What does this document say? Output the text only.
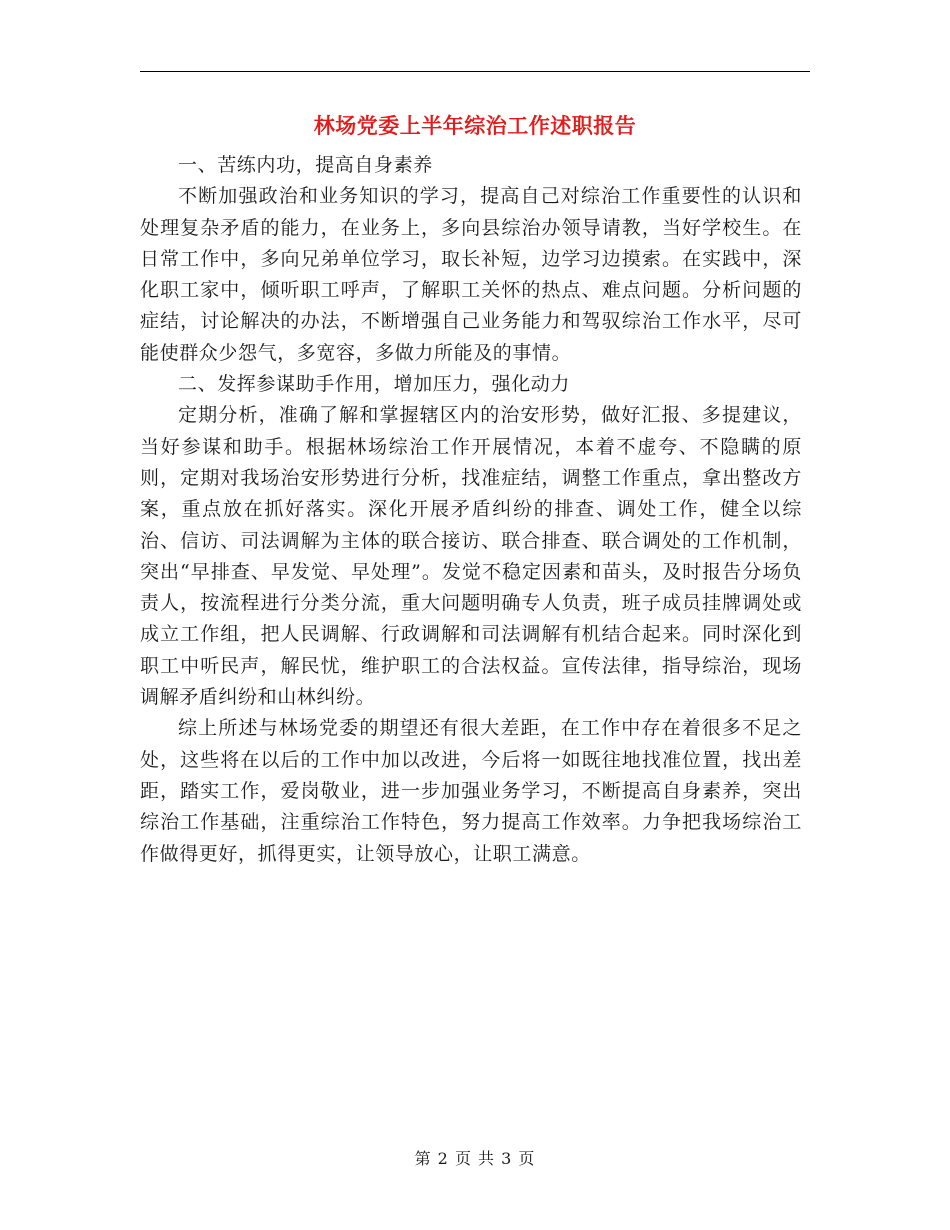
林场党委上半年综治工作述职报告

一、苦练内功，提高自身素养

不断加强政治和业务知识的学习，提高自己对综治工作重要性的认识和处理复杂矛盾的能力，在业务上，多向县综治办领导请教，当好学校生。在日常工作中，多向兄弟单位学习，取长补短，边学习边摸索。在实践中，深化职工家中，倾听职工呼声，了解职工关怀的热点、难点问题。分析问题的症结，讨论解决的办法，不断增强自己业务能力和驾驭综治工作水平，尽可能使群众少怨气，多宽容，多做力所能及的事情。

二、发挥参谋助手作用，增加压力，强化动力

定期分析，准确了解和掌握辖区内的治安形势，做好汇报、多提建议，当好参谋和助手。根据林场综治工作开展情况，本着不虚夸、不隐瞒的原则，定期对我场治安形势进行分析，找准症结，调整工作重点，拿出整改方案，重点放在抓好落实。深化开展矛盾纠纷的排查、调处工作，健全以综治、信访、司法调解为主体的联合接访、联合排查、联合调处的工作机制，突出“早排查、早发觉、早处理”。发觉不稳定因素和苗头，及时报告分场负责人，按流程进行分类分流，重大问题明确专人负责，班子成员挂牌调处或成立工作组，把人民调解、行政调解和司法调解有机结合起来。同时深化到职工中听民声，解民忧，维护职工的合法权益。宣传法律，指导综治，现场调解矛盾纠纷和山林纠纷。

综上所述与林场党委的期望还有很大差距，在工作中存在着很多不足之处，这些将在以后的工作中加以改进，今后将一如既往地找准位置，找出差距，踏实工作，爱岗敬业，进一步加强业务学习，不断提高自身素养，突出综治工作基础，注重综治工作特色，努力提高工作效率。力争把我场综治工作做得更好，抓得更实，让领导放心，让职工满意。

第 2 页 共 3 页
